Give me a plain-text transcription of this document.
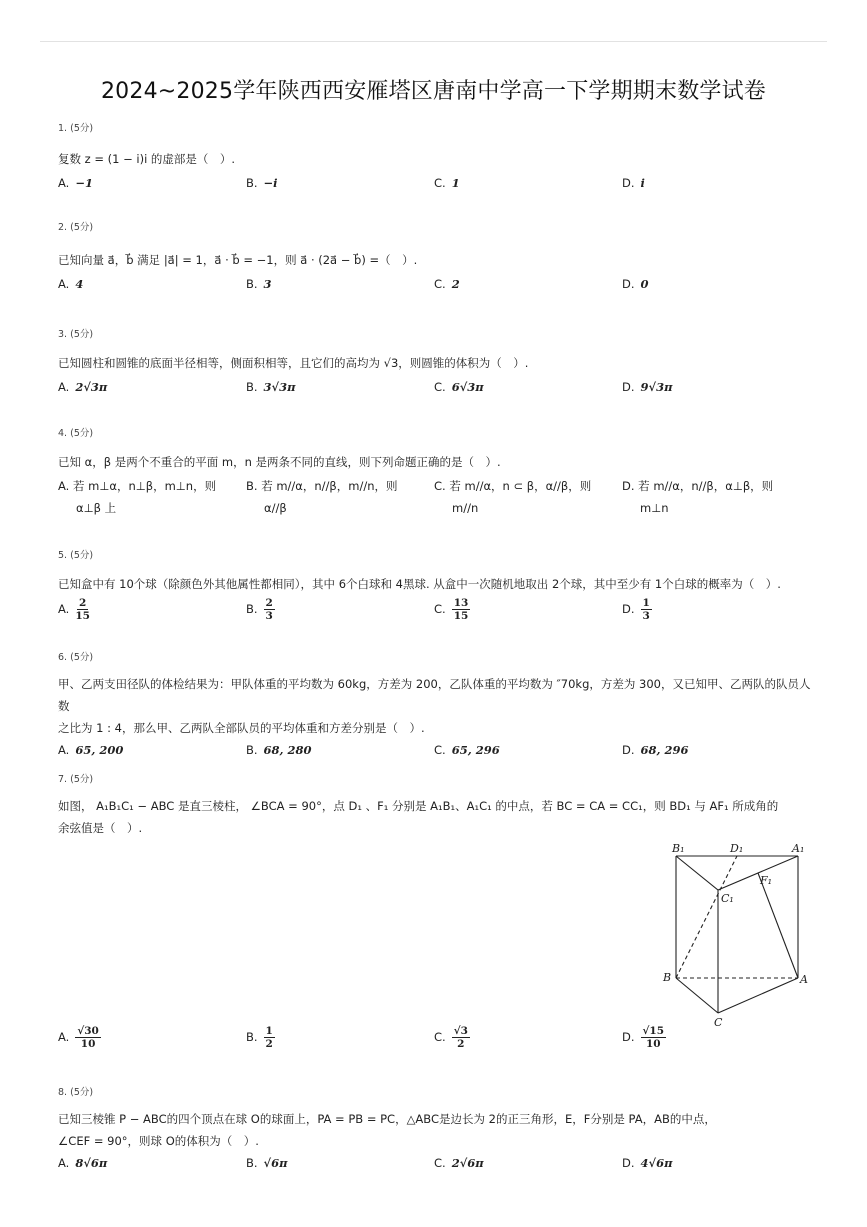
2024~2025学年陕西西安雁塔区唐南中学高一下学期期末数学试卷
1. (5分)
复数 z = (1 − i)i 的虚部是（　）.
A. −1	B. −i	C. 1	D. i
2. (5分)
已知向量 a⃗，b⃗ 满足 |a⃗| = 1，a⃗ · b⃗ = −1，则 a⃗ · (2a⃗ − b⃗) =（　）.
A. 4	B. 3	C. 2	D. 0
3. (5分)
已知圆柱和圆锥的底面半径相等，侧面积相等，且它们的高均为 √3，则圆锥的体积为（　）.
A. 2√3π	B. 3√3π	C. 6√3π	D. 9√3π
4. (5分)
已知 α，β 是两个不重合的平面 m，n 是两条不同的直线，则下列命题正确的是（　）.
A. 若 m⊥α，n⊥β，m⊥n，则
α⊥β 上
B. 若 m//α，n//β，m//n，则
α//β
C. 若 m//α，n ⊂ β，α//β，则
m//n
D. 若 m//α，n//β，α⊥β，则
m⊥n
5. (5分)
已知盒中有 10个球（除颜色外其他属性都相同），其中 6个白球和 4黑球. 从盒中一次随机地取出 2个球，其中至少有 1个白球的概率为（　）.
A. $\frac{2}{15}$	B. $\frac{2}{3}$	C. $\frac{13}{15}$	D. $\frac{1}{3}$
6. (5分)
甲、乙两支田径队的体检结果为：甲队体重的平均数为 60kg，方差为 200，乙队体重的平均数为 ″70kg，方差为 300，又已知甲、乙两队的队员人数
之比为 1 : 4，那么甲、乙两队全部队员的平均体重和方差分别是（　）.
A. 65, 200	B. 68, 280	C. 65, 296	D. 68, 296
7. (5分)
如图， A₁B₁C₁ − ABC 是直三棱柱， ∠BCA = 90°，点 D₁ 、F₁ 分别是 A₁B₁、A₁C₁ 的中点，若 BC = CA = CC₁，则 BD₁ 与 AF₁ 所成角的
余弦值是（　）.
B₁	D₁	A₁
F₁
C₁
B	A
C
A. $\frac{√30}{10}$	B. $\frac{1}{2}$	C. $\frac{√3}{2}$	D. $\frac{√15}{10}$
8. (5分)
已知三棱锥 P − ABC的四个顶点在球 O的球面上，PA = PB = PC，△ABC是边长为 2的正三角形，E，F分别是 PA，AB的中点，
∠CEF = 90°，则球 O的体积为（　）.
A. 8√6π	B. √6π	C. 2√6π	D. 4√6π
